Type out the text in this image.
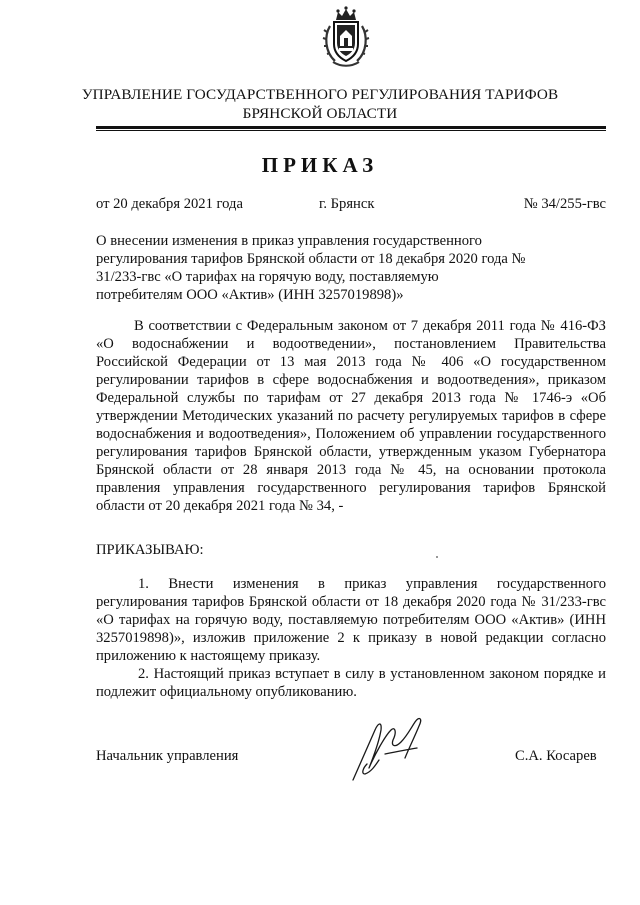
УПРАВЛЕНИЕ ГОСУДАРСТВЕННОГО РЕГУЛИРОВАНИЯ ТАРИФОВ
БРЯНСКОЙ ОБЛАСТИ
ПРИКАЗ
от 20 декабря 2021 года	г. Брянск	№ 34/255-гвс
О внесении изменения в приказ управления государственного регулирования тарифов Брянской области от 18 декабря 2020 года № 31/233-гвс «О тарифах на горячую воду, поставляемую потребителям ООО «Актив» (ИНН 3257019898)»
В соответствии с Федеральным законом от 7 декабря 2011 года № 416-ФЗ «О водоснабжении и водоотведении», постановлением Правительства Российской Федерации от 13 мая 2013 года № 406 «О государственном регулировании тарифов в сфере водоснабжения и водоотведения», приказом Федеральной службы по тарифам от 27 декабря 2013 года № 1746-э «Об утверждении Методических указаний по расчету регулируемых тарифов в сфере водоснабжения и водоотведения», Положением об управлении государственного регулирования тарифов Брянской области, утвержденным указом Губернатора Брянской области от 28 января 2013 года № 45, на основании протокола правления управления государственного регулирования тарифов Брянской области от 20 декабря 2021 года № 34, -
ПРИКАЗЫВАЮ:

1. Внести изменения в приказ управления государственного регулирования тарифов Брянской области от 18 декабря 2020 года № 31/233-гвс «О тарифах на горячую воду, поставляемую потребителям ООО «Актив» (ИНН 3257019898)», изложив приложение 2 к приказу в новой редакции согласно приложению к настоящему приказу.

2. Настоящий приказ вступает в силу в установленном законом порядке и подлежит официальному опубликованию.

Начальник управления	С.А. Косарев
